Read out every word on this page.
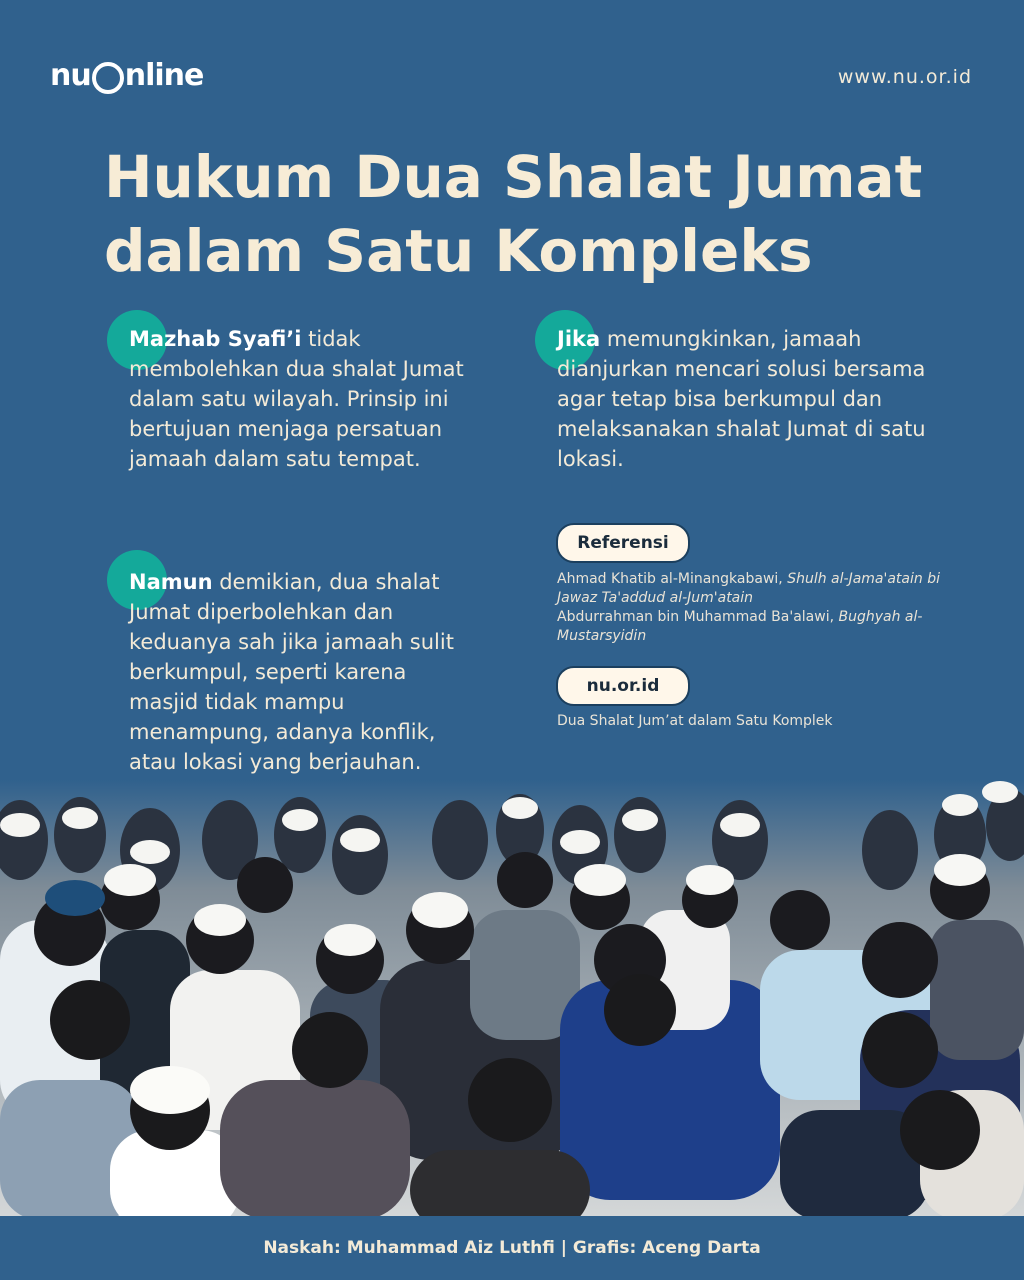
nu nline	www.nu.or.id
Hukum Dua Shalat Jumat dalam Satu Kompleks

Mazhab Syafi’i tidak membolehkan dua shalat Jumat dalam satu wilayah. Prinsip ini bertujuan menjaga persatuan jamaah dalam satu tempat.

Namun demikian, dua shalat Jumat diperbolehkan dan keduanya sah jika jamaah sulit berkumpul, seperti karena masjid tidak mampu menampung, adanya konflik, atau lokasi yang berjauhan.

Jika memungkinkan, jamaah dianjurkan mencari solusi bersama agar tetap bisa berkumpul dan melaksanakan shalat Jumat di satu lokasi.

Referensi

Ahmad Khatib al-Minangkabawi, Shulh al-Jama'atain bi Jawaz Ta'addud al-Jum'atain
Abdurrahman bin Muhammad Ba'alawi, Bughyah al-Mustarsyidin

nu.or.id

Dua Shalat Jum’at dalam Satu Komplek

Naskah: Muhammad Aiz Luthfi | Grafis: Aceng Darta
